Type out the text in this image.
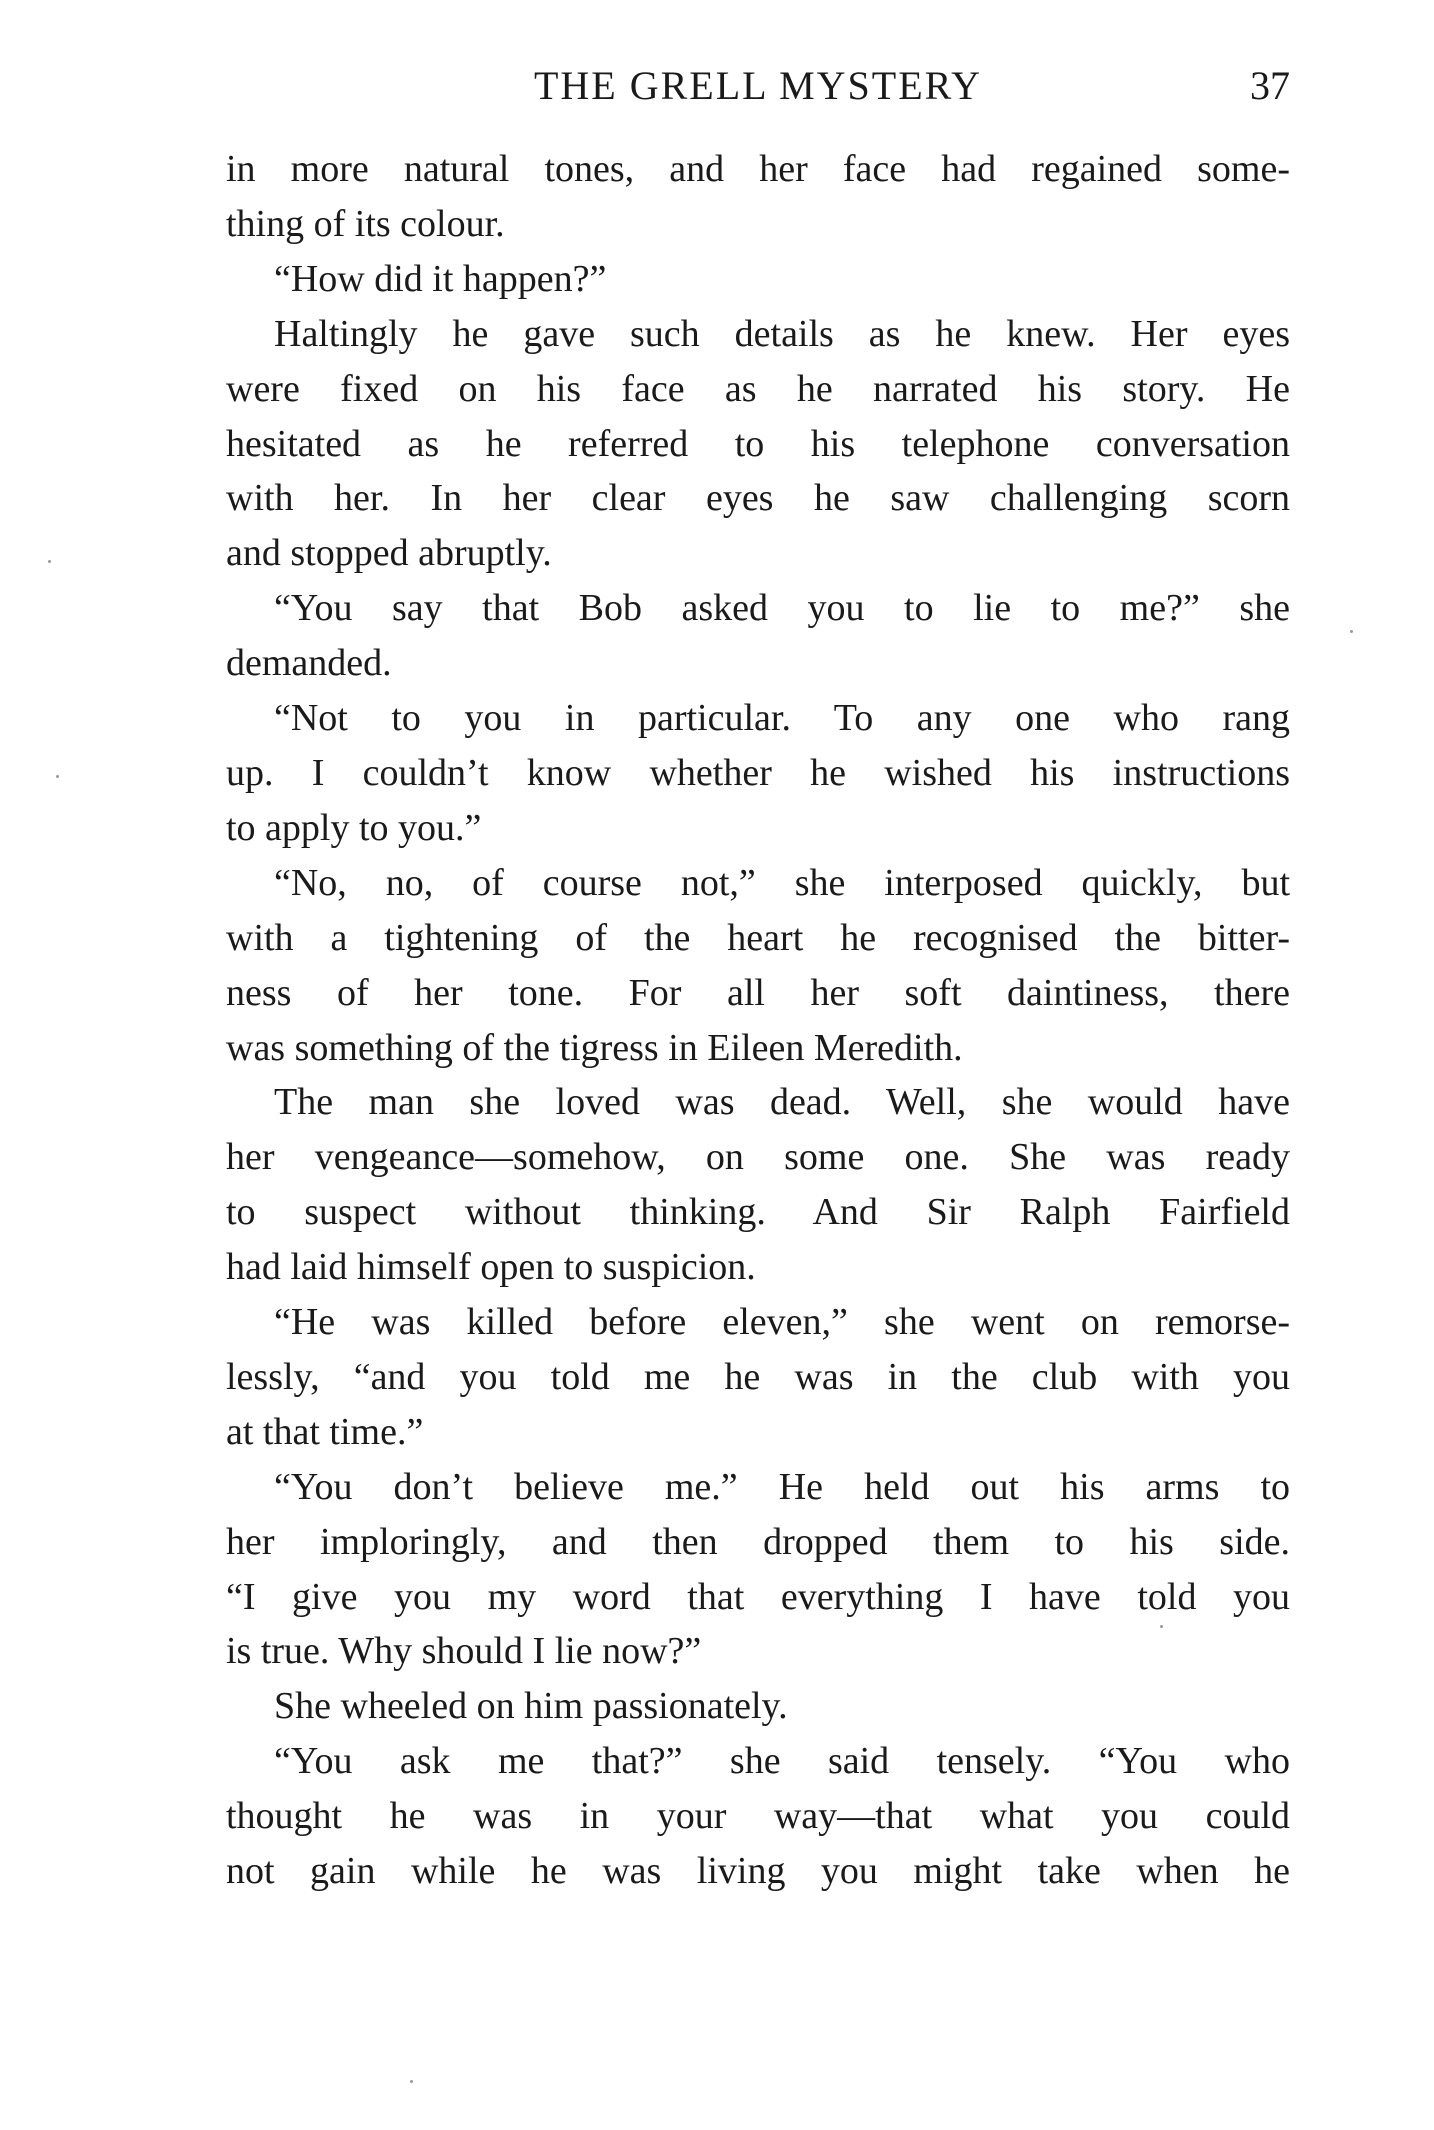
THE GRELL MYSTERY	37
in more natural tones, and her face had regained some-
thing of its colour.
“How did it happen?”
Haltingly he gave such details as he knew. Her eyes
were fixed on his face as he narrated his story. He
hesitated as he referred to his telephone conversation
with her. In her clear eyes he saw challenging scorn
and stopped abruptly.
“You say that Bob asked you to lie to me?” she
demanded.
“Not to you in particular. To any one who rang
up. I couldn’t know whether he wished his instructions
to apply to you.”
“No, no, of course not,” she interposed quickly, but
with a tightening of the heart he recognised the bitter-
ness of her tone. For all her soft daintiness, there
was something of the tigress in Eileen Meredith.
The man she loved was dead. Well, she would have
her vengeance—somehow, on some one. She was ready
to suspect without thinking. And Sir Ralph Fairfield
had laid himself open to suspicion.
“He was killed before eleven,” she went on remorse-
lessly, “and you told me he was in the club with you
at that time.”
“You don’t believe me.” He held out his arms to
her imploringly, and then dropped them to his side.
“I give you my word that everything I have told you
is true. Why should I lie now?”
She wheeled on him passionately.
“You ask me that?” she said tensely. “You who
thought he was in your way—that what you could
not gain while he was living you might take when he
